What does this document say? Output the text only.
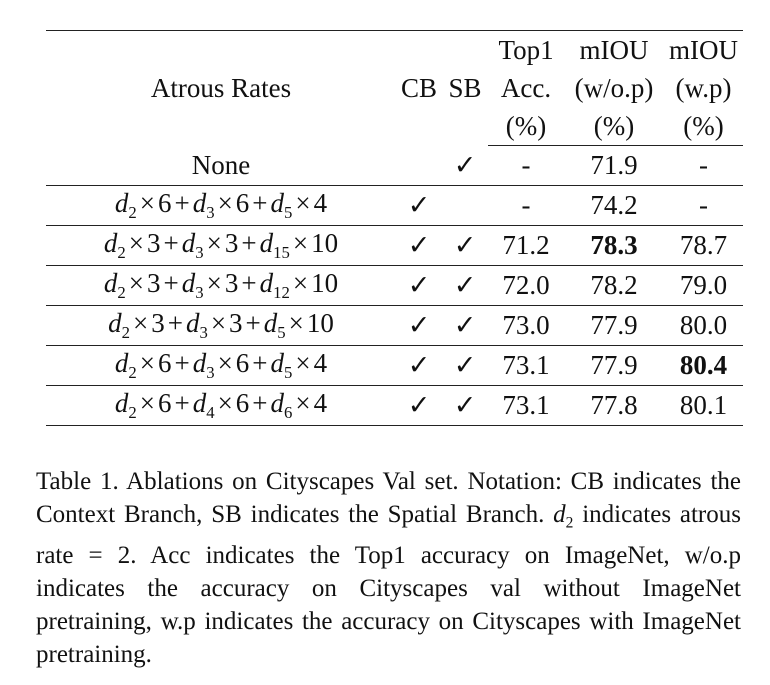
Atrous Rates	CB	SB	Top1	mIOU	mIOU
			Acc.	(w/o.p)	(w.p)
			(%)	(%)	(%)
None		✓	-	71.9	-
$d_2 \times 6 + d_3 \times 6 + d_5 \times 4$	✓		-	74.2	-
$d_2 \times 3 + d_3 \times 3 + d_{15} \times 10$	✓	✓	71.2	78.3	78.7
$d_2 \times 3 + d_3 \times 3 + d_{12} \times 10$	✓	✓	72.0	78.2	79.0
$d_2 \times 3 + d_3 \times 3 + d_5 \times 10$	✓	✓	73.0	77.9	80.0
$d_2 \times 6 + d_3 \times 6 + d_5 \times 4$	✓	✓	73.1	77.9	80.4
$d_2 \times 6 + d_4 \times 6 + d_6 \times 4$	✓	✓	73.1	77.8	80.1

Table 1. Ablations on Cityscapes Val set. Notation: CB indicates the Context Branch, SB indicates the Spatial Branch. $d_2$ indicates atrous rate = 2. Acc indicates the Top1 accuracy on ImageNet, w/o.p indicates the accuracy on Cityscapes val without ImageNet pretraining, w.p indicates the accuracy on Cityscapes with ImageNet pretraining.
